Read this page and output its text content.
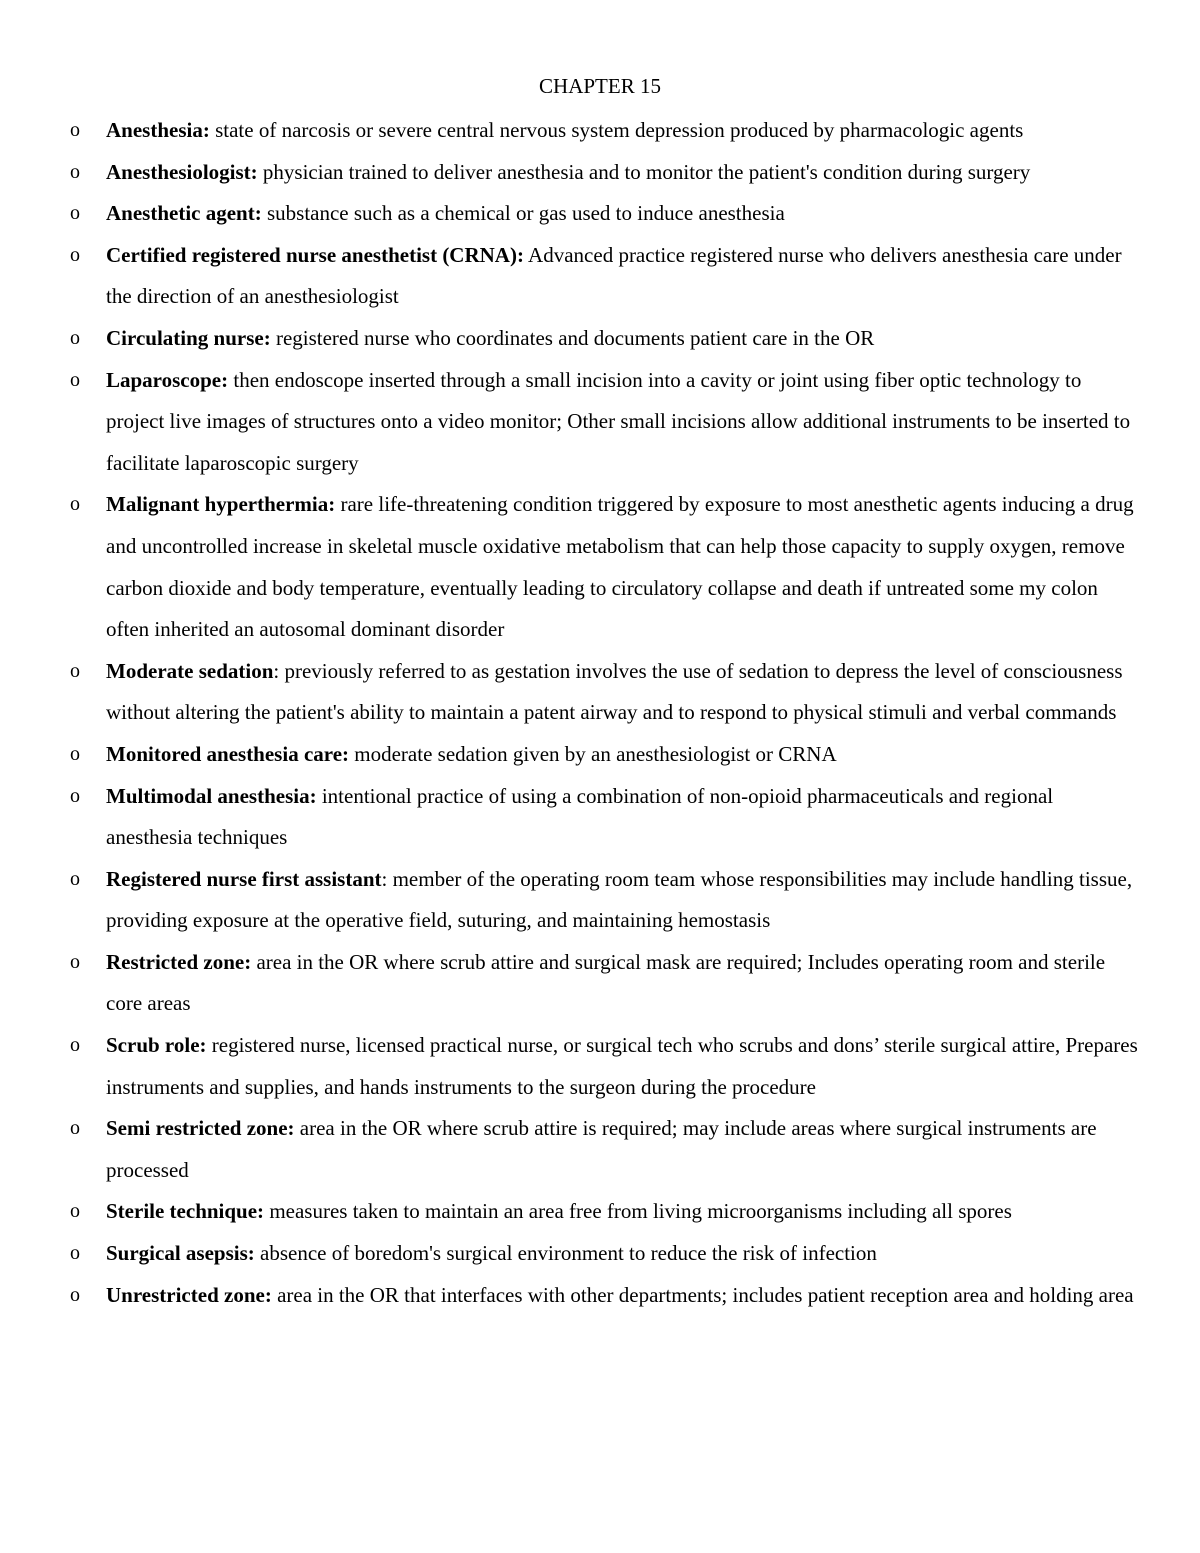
CHAPTER 15
o Anesthesia: state of narcosis or severe central nervous system depression produced by pharmacologic agents
o Anesthesiologist: physician trained to deliver anesthesia and to monitor the patient's condition during surgery
o Anesthetic agent: substance such as a chemical or gas used to induce anesthesia
o Certified registered nurse anesthetist (CRNA): Advanced practice registered nurse who delivers anesthesia care under the direction of an anesthesiologist
o Circulating nurse: registered nurse who coordinates and documents patient care in the OR
o Laparoscope: then endoscope inserted through a small incision into a cavity or joint using fiber optic technology to project live images of structures onto a video monitor; Other small incisions allow additional instruments to be inserted to facilitate laparoscopic surgery
o Malignant hyperthermia: rare life-threatening condition triggered by exposure to most anesthetic agents inducing a drug and uncontrolled increase in skeletal muscle oxidative metabolism that can help those capacity to supply oxygen, remove carbon dioxide and body temperature, eventually leading to circulatory collapse and death if untreated some my colon often inherited an autosomal dominant disorder
o Moderate sedation: previously referred to as gestation involves the use of sedation to depress the level of consciousness without altering the patient's ability to maintain a patent airway and to respond to physical stimuli and verbal commands
o Monitored anesthesia care: moderate sedation given by an anesthesiologist or CRNA
o Multimodal anesthesia: intentional practice of using a combination of non-opioid pharmaceuticals and regional anesthesia techniques
o Registered nurse first assistant: member of the operating room team whose responsibilities may include handling tissue, providing exposure at the operative field, suturing, and maintaining hemostasis
o Restricted zone: area in the OR where scrub attire and surgical mask are required; Includes operating room and sterile core areas
o Scrub role: registered nurse, licensed practical nurse, or surgical tech who scrubs and dons’ sterile surgical attire, Prepares instruments and supplies, and hands instruments to the surgeon during the procedure
o Semi restricted zone: area in the OR where scrub attire is required; may include areas where surgical instruments are processed
o Sterile technique: measures taken to maintain an area free from living microorganisms including all spores
o Surgical asepsis: absence of boredom's surgical environment to reduce the risk of infection
o Unrestricted zone: area in the OR that interfaces with other departments; includes patient reception area and holding area
